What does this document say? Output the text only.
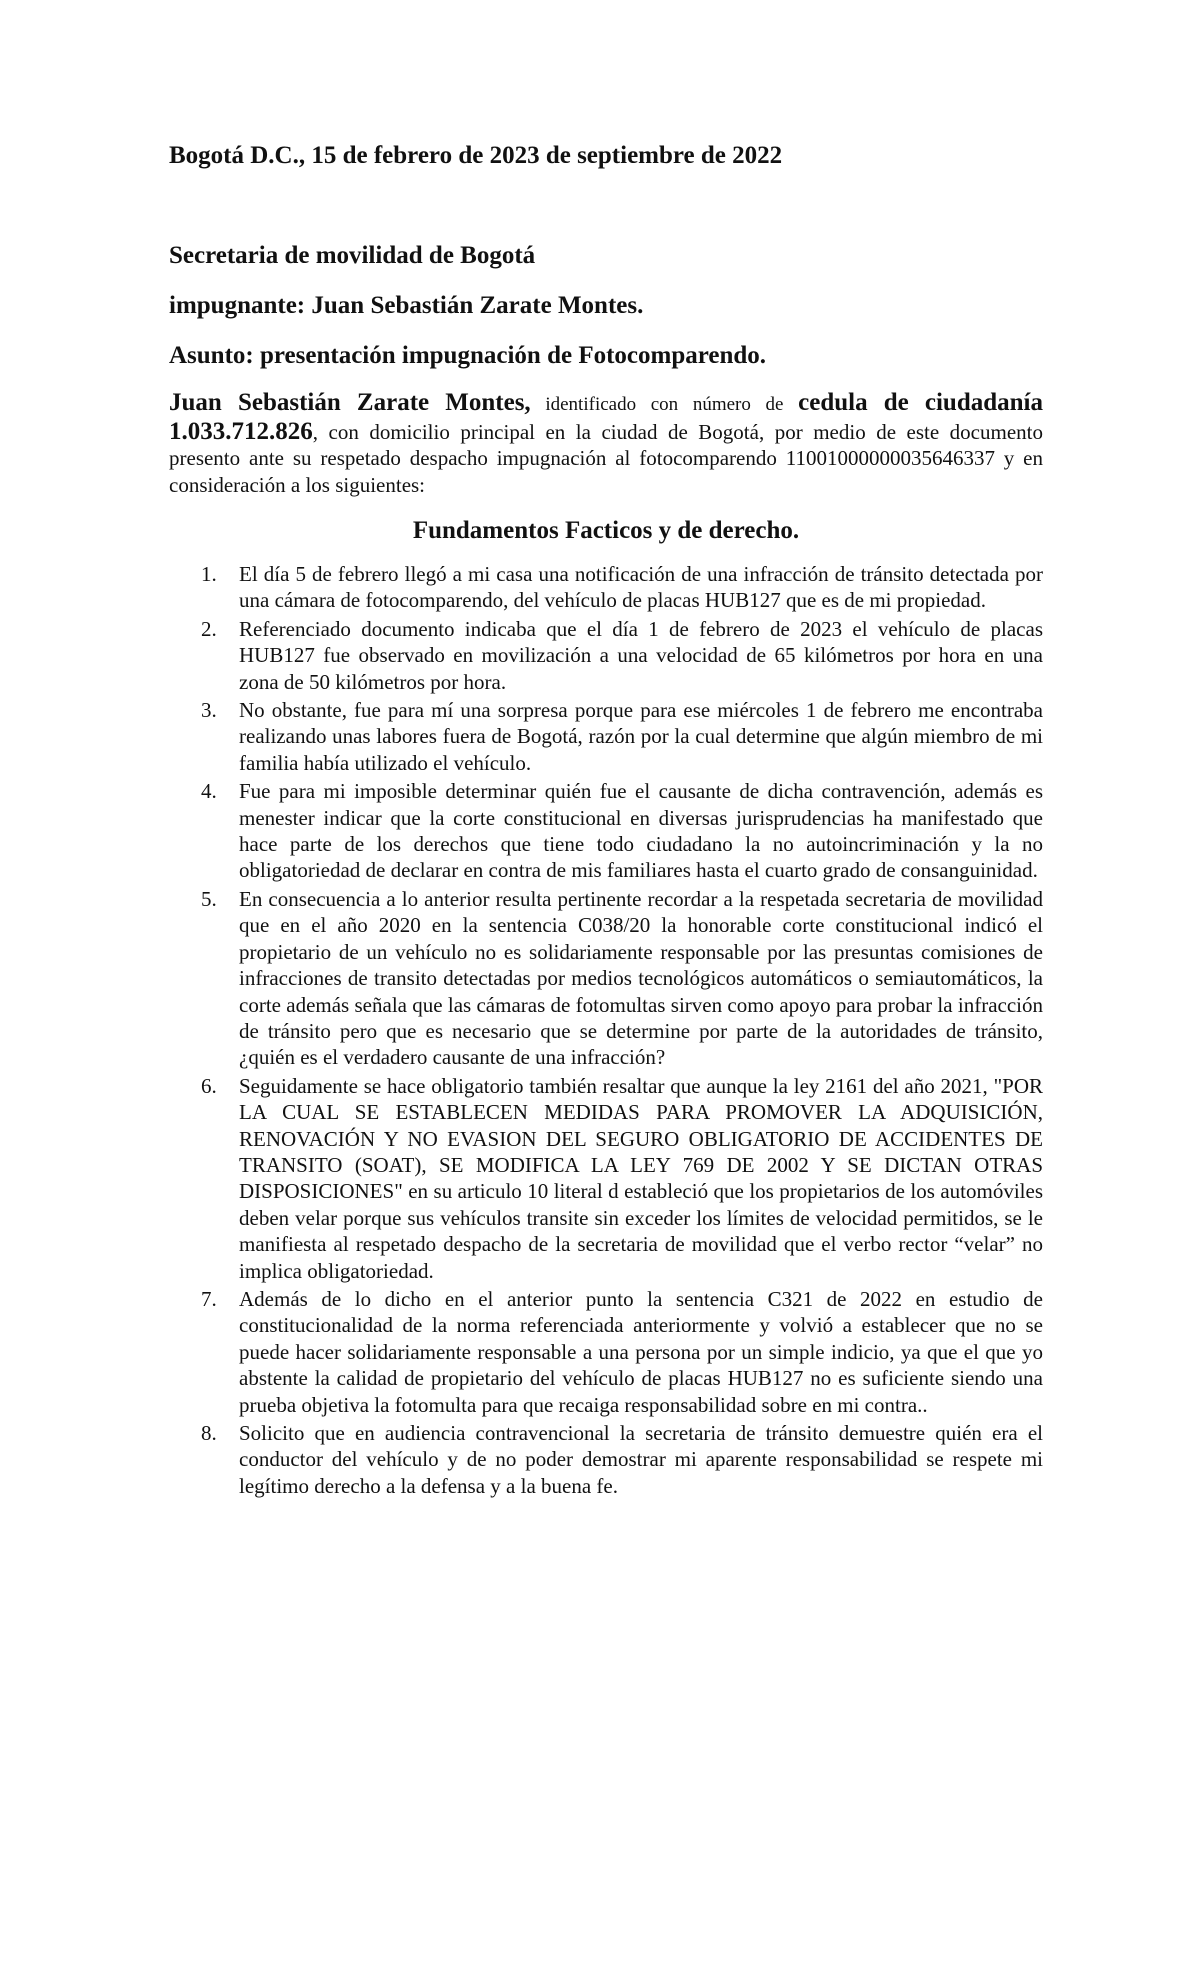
Bogotá D.C., 15 de febrero de 2023 de septiembre de 2022
Secretaria de movilidad de Bogotá
impugnante: Juan Sebastián Zarate Montes.
Asunto: presentación impugnación de Fotocomparendo.

Juan Sebastián Zarate Montes, identificado con número de cedula de ciudadanía 1.033.712.826, con domicilio principal en la ciudad de Bogotá, por medio de este documento presento ante su respetado despacho impugnación al fotocomparendo 11001000000035646337 y en consideración a los siguientes:

Fundamentos Facticos y de derecho.
1. El día 5 de febrero llegó a mi casa una notificación de una infracción de tránsito detectada por una cámara de fotocomparendo, del vehículo de placas HUB127 que es de mi propiedad.
2. Referenciado documento indicaba que el día 1 de febrero de 2023 el vehículo de placas HUB127 fue observado en movilización a una velocidad de 65 kilómetros por hora en una zona de 50 kilómetros por hora.
3. No obstante, fue para mí una sorpresa porque para ese miércoles 1 de febrero me encontraba realizando unas labores fuera de Bogotá, razón por la cual determine que algún miembro de mi familia había utilizado el vehículo.
4. Fue para mi imposible determinar quién fue el causante de dicha contravención, además es menester indicar que la corte constitucional en diversas jurisprudencias ha manifestado que hace parte de los derechos que tiene todo ciudadano la no autoincriminación y la no obligatoriedad de declarar en contra de mis familiares hasta el cuarto grado de consanguinidad.
5. En consecuencia a lo anterior resulta pertinente recordar a la respetada secretaria de movilidad que en el año 2020 en la sentencia C038/20 la honorable corte constitucional indicó el propietario de un vehículo no es solidariamente responsable por las presuntas comisiones de infracciones de transito detectadas por medios tecnológicos automáticos o semiautomáticos, la corte además señala que las cámaras de fotomultas sirven como apoyo para probar la infracción de tránsito pero que es necesario que se determine por parte de la autoridades de tránsito, ¿quién es el verdadero causante de una infracción?
6. Seguidamente se hace obligatorio también resaltar que aunque la ley 2161 del año 2021, "POR LA CUAL SE ESTABLECEN MEDIDAS PARA PROMOVER LA ADQUISICIÓN, RENOVACIÓN Y NO EVASION DEL SEGURO OBLIGATORIO DE ACCIDENTES DE TRANSITO (SOAT), SE MODIFICA LA LEY 769 DE 2002 Y SE DICTAN OTRAS DISPOSICIONES" en su articulo 10 literal d estableció que los propietarios de los automóviles deben velar porque sus vehículos transite sin exceder los límites de velocidad permitidos, se le manifiesta al respetado despacho de la secretaria de movilidad que el verbo rector “velar” no implica obligatoriedad.
7. Además de lo dicho en el anterior punto la sentencia C321 de 2022 en estudio de constitucionalidad de la norma referenciada anteriormente y volvió a establecer que no se puede hacer solidariamente responsable a una persona por un simple indicio, ya que el que yo abstente la calidad de propietario del vehículo de placas HUB127 no es suficiente siendo una prueba objetiva la fotomulta para que recaiga responsabilidad sobre en mi contra..
8. Solicito que en audiencia contravencional la secretaria de tránsito demuestre quién era el conductor del vehículo y de no poder demostrar mi aparente responsabilidad se respete mi legítimo derecho a la defensa y a la buena fe.
